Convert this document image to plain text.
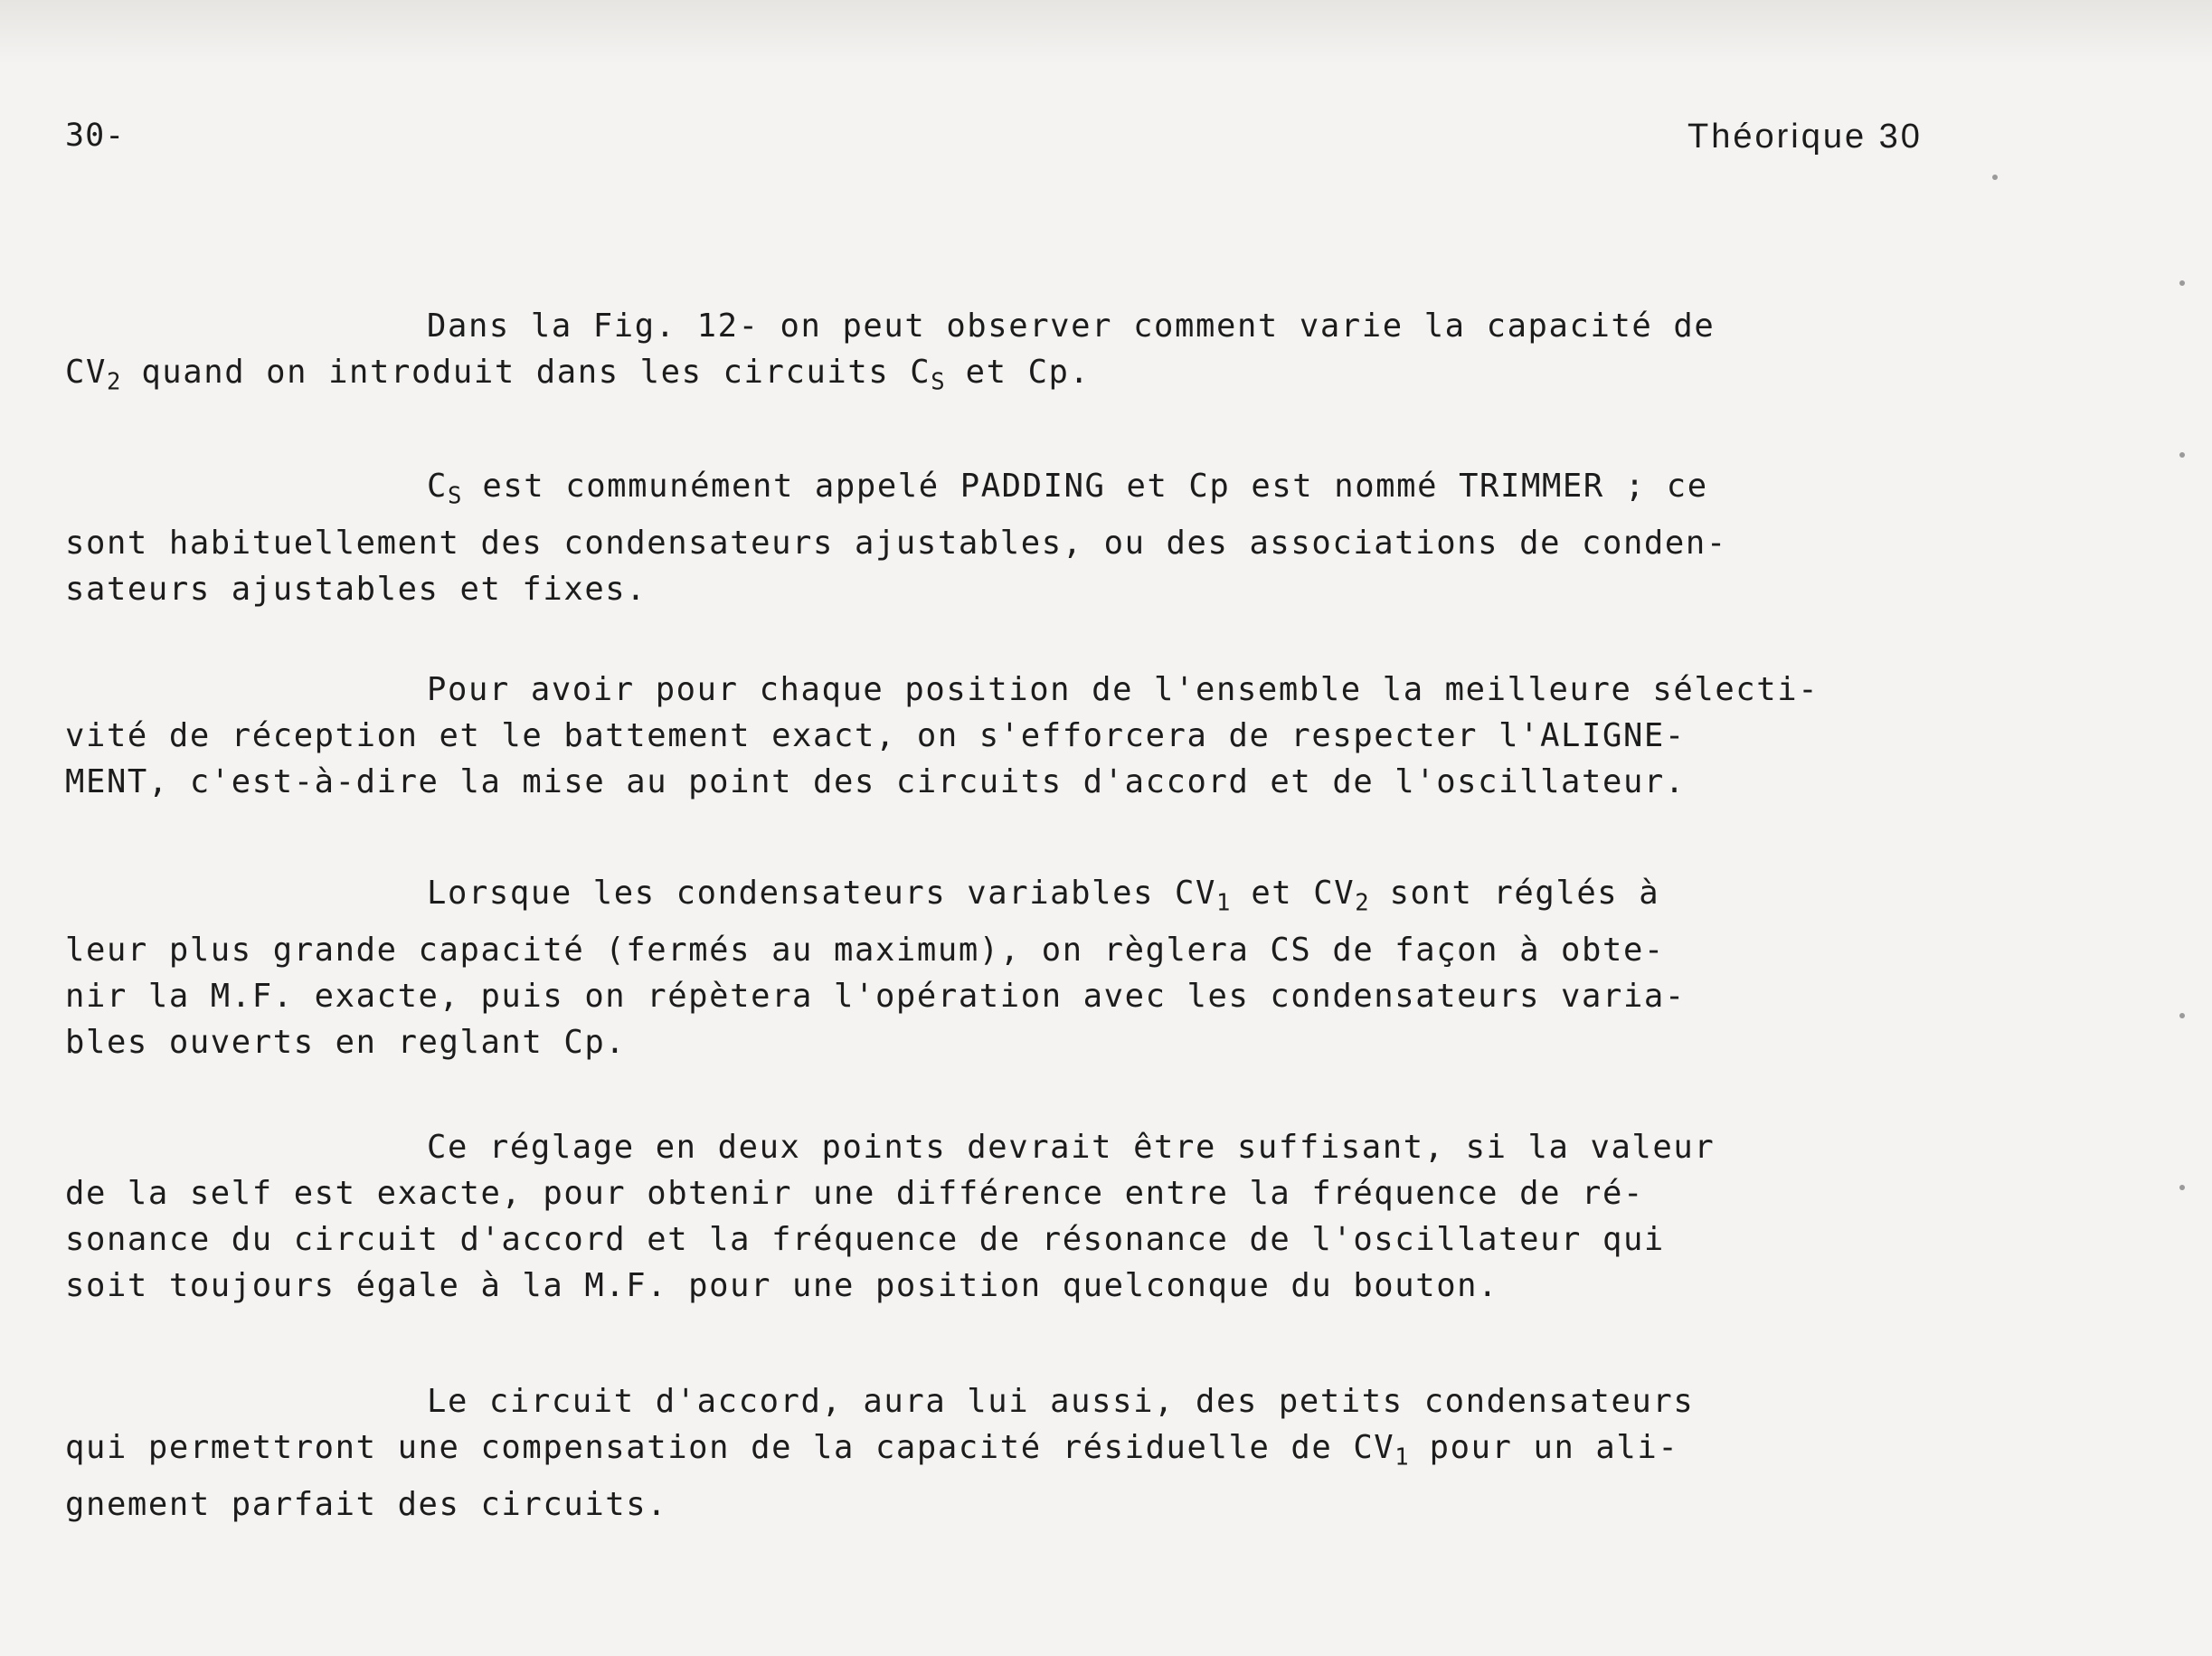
30-	Théorique 30
Dans la Fig. 12- on peut observer comment varie la capacité de
$CV_2$ quand on introduit dans les circuits $C_S$ et Cp.
$C_S$ est communément appelé PADDING et Cp est nommé TRIMMER ; ce
sont habituellement des condensateurs ajustables, ou des associations de conden-
sateurs ajustables et fixes.
Pour avoir pour chaque position de l'ensemble la meilleure sélecti-
vité de réception et le battement exact, on s'efforcera de respecter l'ALIGNE-
MENT, c'est-à-dire la mise au point des circuits d'accord et de l'oscillateur.
Lorsque les condensateurs variables $CV_1$ et $CV_2$ sont réglés à
leur plus grande capacité (fermés au maximum), on règlera CS de façon à obte-
nir la M.F. exacte, puis on répètera l'opération avec les condensateurs varia-
bles ouverts en reglant Cp.
Ce réglage en deux points devrait être suffisant, si la valeur
de la self est exacte, pour obtenir une différence entre la fréquence de ré-
sonance du circuit d'accord et la fréquence de résonance de l'oscillateur qui
soit toujours égale à la M.F. pour une position quelconque du bouton.
Le circuit d'accord, aura lui aussi, des petits condensateurs
qui permettront une compensation de la capacité résiduelle de $CV_1$ pour un ali-
gnement parfait des circuits.
